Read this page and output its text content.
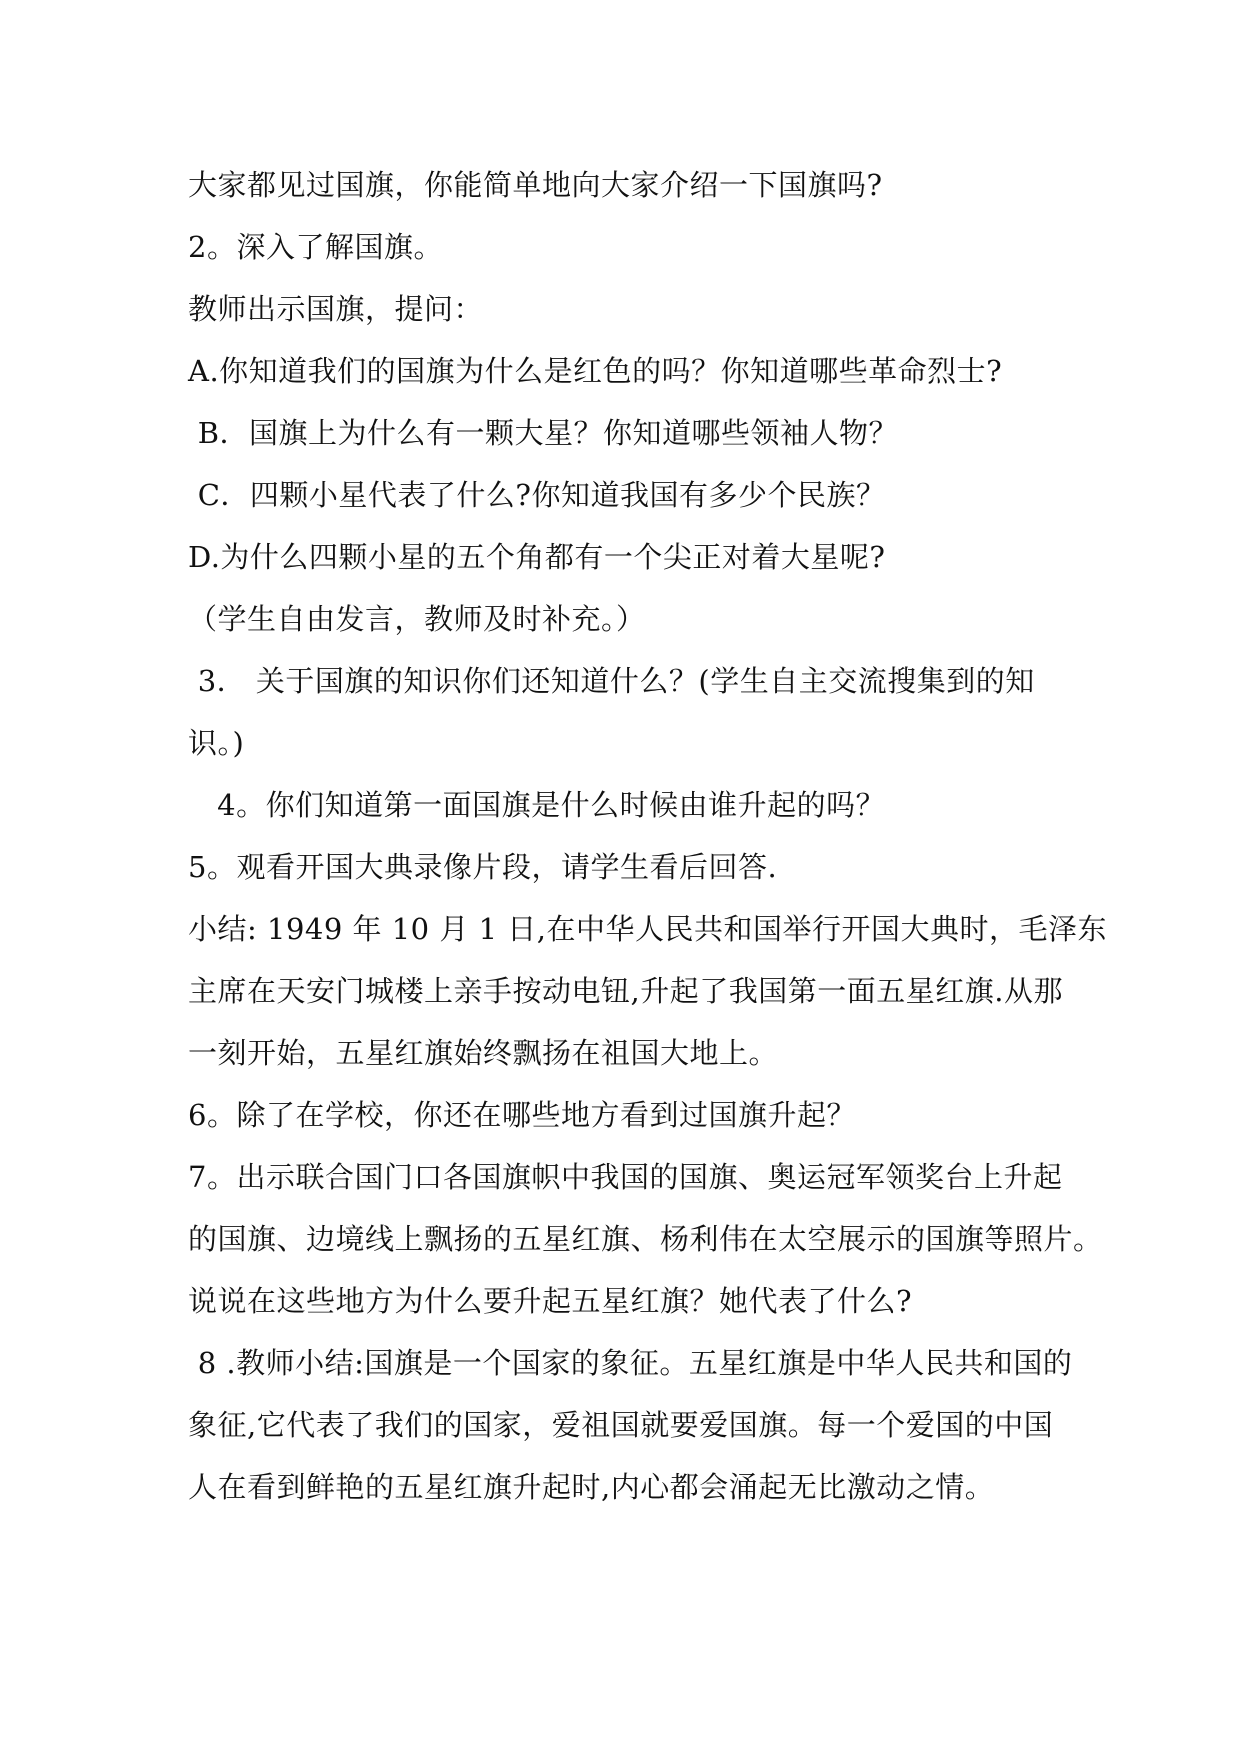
大家都见过国旗，你能简单地向大家介绍一下国旗吗?

2。深入了解国旗。

教师出示国旗，提问：

A.你知道我们的国旗为什么是红色的吗？你知道哪些革命烈士?

B．国旗上为什么有一颗大星？你知道哪些领袖人物？

C．四颗小星代表了什么?你知道我国有多少个民族？

D.为什么四颗小星的五个角都有一个尖正对着大星呢?

（学生自由发言，教师及时补充。）

3． 关于国旗的知识你们还知道什么？(学生自主交流搜集到的知

识。)

4。你们知道第一面国旗是什么时候由谁升起的吗？

5。观看开国大典录像片段，请学生看后回答.

小结: 1949 年 10 月 1 日,在中华人民共和国举行开国大典时，毛泽东

主席在天安门城楼上亲手按动电钮,升起了我国第一面五星红旗.从那

一刻开始，五星红旗始终飘扬在祖国大地上。

6。除了在学校，你还在哪些地方看到过国旗升起？

7。出示联合国门口各国旗帜中我国的国旗、奥运冠军领奖台上升起

的国旗、边境线上飘扬的五星红旗、杨利伟在太空展示的国旗等照片。

说说在这些地方为什么要升起五星红旗？她代表了什么?

8 .教师小结:国旗是一个国家的象征。五星红旗是中华人民共和国的

象征,它代表了我们的国家，爱祖国就要爱国旗。每一个爱国的中国

人在看到鲜艳的五星红旗升起时,内心都会涌起无比激动之情。
